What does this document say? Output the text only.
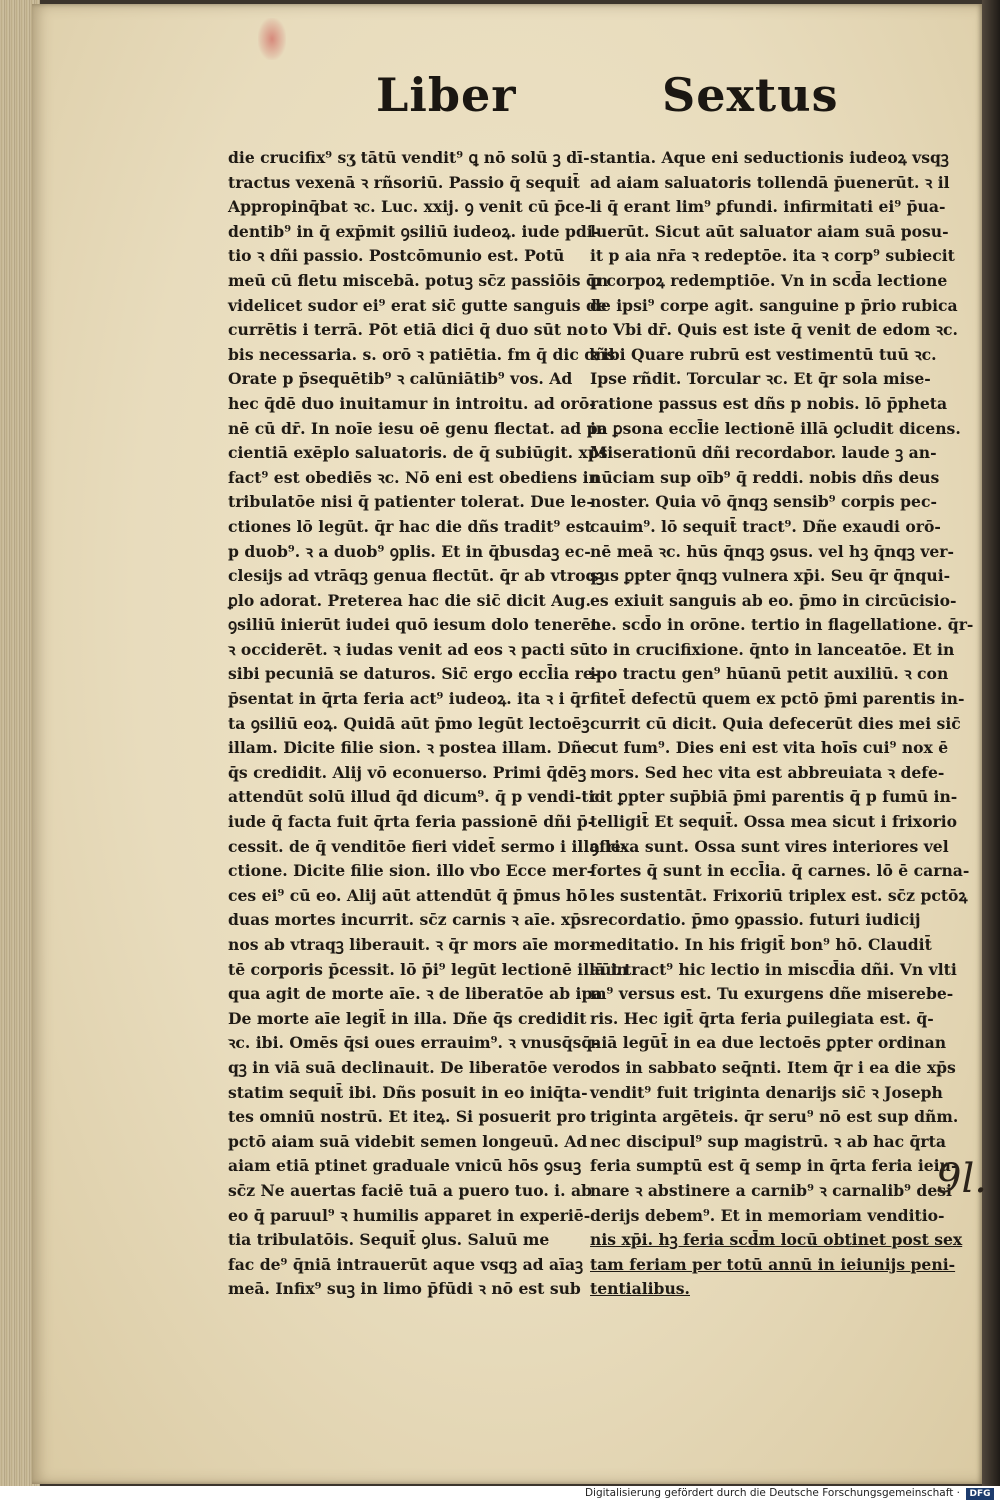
Liber	Sextus
die crucifix⁹ sʒ tātū vendit⁹ ꝗ nō solū ꝫ dī-
tractus vexenā ꝛ rñsoriū. Passio q̄ sequit̄
Appropinq̄bat ꝛc. Luc. xxij. ꝯ venit cū p̄ce-
dentib⁹ in q̄ exp̄mit ꝯsiliū iudeoꝝ. iude pdi-
tio ꝛ dñi passio. Postcōmunio est. Potū
meū cū fletu miscebā. potuꝫ sc̄z passiōis q̄n
videlicet sudor ei⁹ erat sic̄ gutte sanguis de
currētis i terrā. Pōt etiā dici q̄ duo sūt no
bis necessaria. s. orō ꝛ patiētia. fm q̄ dic dñs
Orate p p̄sequētib⁹ ꝛ calūniātib⁹ vos. Ad
hec q̄dē duo inuitamur in introitu. ad orō-
nē cū dr̄. In noīe iesu oē genu flectat. ad pa
cientiā exēplo saluatoris. de q̄ subiūgit. xp̄s
fact⁹ est obediēs ꝛc. Nō eni est obediens in
tribulatōe nisi q̄ patienter tolerat. Due le-
ctiones lō legūt. q̄r hac die dñs tradit⁹ est
p duob⁹. ꝛ a duob⁹ ꝯplis. Et in q̄busdaꝫ ec-
clesijs ad vtrāqꝫ genua flectūt. q̄r ab vtroqꝫ
ꝑlo adorat. Preterea hac die sic̄ dicit Aug.
ꝯsiliū inierūt iudei quō iesum dolo tenerēt
ꝛ occiderēt. ꝛ iudas venit ad eos ꝛ pacti sūt
sibi pecuniā se daturos. Sic̄ ergo eccl̄ia re-
p̄sentat in q̄rta feria act⁹ iudeoꝝ. ita ꝛ i q̄r
ta ꝯsiliū eoꝝ. Quidā aūt p̄mo legūt lectoēꝫ
illam. Dicite filie sion. ꝛ postea illam. Dñe
q̄s credidit. Alij vō econuerso. Primi q̄dēꝫ
attendūt solū illud q̄d dicum⁹. q̄ p vendi-tio
iude q̄ facta fuit q̄rta feria passionē dñi p̄-
cessit. de q̄ venditōe fieri videt̄ sermo i illa le-
ctione. Dicite filie sion. illo vbo Ecce mer-
ces ei⁹ cū eo. Alij aūt attendūt q̄ p̄mus hō
duas mortes incurrit. sc̄z carnis ꝛ aīe. xp̄s
nos ab vtraqꝫ liberauit. ꝛ q̄r mors aīe mor-
tē corporis p̄cessit. lō p̄i⁹ legūt lectionē illā in
qua agit de morte aīe. ꝛ de liberatōe ab ipa
De morte aīe legit̄ in illa. Dñe q̄s credidit
ꝛc. ibi. Omēs q̄si oues errauim⁹. ꝛ vnusq̄sq̄-
qꝫ in viā suā declinauit. De liberatōe vero
statim sequit̄ ibi. Dñs posuit in eo iniq̄ta-
tes omniū nostrū. Et iteꝝ. Si posuerit pro
pctō aiam suā videbit semen longeuū. Ad
aiam etiā ptinet graduale vnicū hōs ꝯsuꝫ
sc̄z Ne auertas faciē tuā a puero tuo. i. ab
eo q̄ paruul⁹ ꝛ humilis apparet in experiē-
tia tribulatōis. Sequit̄ ꝯlus. Saluū me
fac de⁹ q̄niā intrauerūt aque vsqꝫ ad aīaꝫ
meā. Infix⁹ suꝫ in limo p̄fūdi ꝛ nō est sub
stantia. Aque eni seductionis iudeoꝝ vsqꝫ
ad aiam saluatoris tollendā p̄uenerūt. ꝛ il
li q̄ erant lim⁹ ꝑfundi. infirmitati ei⁹ p̄ua-
luerūt. Sicut aūt saluator aiam suā posu-
it p aia nr̄a ꝛ redeptōe. ita ꝛ corp⁹ subiecit
p corpoꝝ redemptiōe. Vn in scd̄a lectione
de ipsi⁹ corpe agit. sanguine p p̄rio rubica
to Vbi dr̄. Quis est iste q̄ venit de edom ꝛc.
ꝛ ibi Quare rubrū est vestimentū tuū ꝛc.
Ipse rñdit. Torcular ꝛc. Et q̄r sola mise-
ratione passus est dñs p nobis. lō p̄pheta
in ꝑsona eccl̄ie lectionē illā ꝯcludit dicens.
Miserationū dñi recordabor. laude ꝫ an-
nūciam sup oīb⁹ q̄ reddi. nobis dñs deus
noster. Quia vō q̄nqꝫ sensib⁹ corpis pec-
cauim⁹. lō sequit̄ tract⁹. Dñe exaudi orō-
nē meā ꝛc. hūs q̄nqꝫ ꝯsus. vel hꝫ q̄nqꝫ ver-
sus ꝑpter q̄nqꝫ vulnera xp̄i. Seu q̄r q̄nqui-
es exiuit sanguis ab eo. p̄mo in circūcisio-
ne. scd̄o in orōne. tertio in flagellatione. q̄r-
to in crucifixione. q̄nto in lanceatōe. Et in
ipo tractu gen⁹ hūanū petit auxiliū. ꝛ con
fitet̄ defectū quem ex pctō p̄mi parentis in-
currit cū dicit. Quia defecerūt dies mei sic̄
cut fum⁹. Dies eni est vita hoīs cui⁹ nox ē
mors. Sed hec vita est abbreuiata ꝛ defe-
cit ꝑpter sup̄biā p̄mi parentis q̄ p fumū in-
telligit̄ Et sequit̄. Ossa mea sicut i frixorio
ꝯfrixa sunt. Ossa sunt vires interiores vel
fortes q̄ sunt in eccl̄ia. q̄ carnes. lō ē carna-
les sustentāt. Frixoriū triplex est. sc̄z pctōꝝ
recordatio. p̄mo ꝯpassio. futuri iudicij
meditatio. In his frigit̄ bon⁹ hō. Claudit̄
aūt tract⁹ hic lectio in miscd̄ia dñi. Vn vlti
m⁹ versus est. Tu exurgens dñe miserebe-
ris. Hec igit̄ q̄rta feria ꝑuilegiata est. q̄-
niā legūt̄ in ea due lectoēs ꝑpter ordinan
dos in sabbato seq̄nti. Item q̄r i ea die xp̄s
vendit⁹ fuit triginta denarijs sic̄ ꝛ Joseph
triginta argēteis. q̄r seru⁹ nō est sup dñm.
nec discipul⁹ sup magistrū. ꝛ ab hac q̄rta
feria sumptū est q̄ semp in q̄rta feria ieiu-
nare ꝛ abstinere a carnib⁹ ꝛ carnalib⁹ desi
derijs debem⁹. Et in memoriam venditio-
nis xp̄i. hꝫ feria scd̄m locū obtinet post sex
tam feriam per totū annū in ieiunijs peni-
tentialibus.
9l.
Digitalisierung gefördert durch die Deutsche Forschungsgemeinschaft ·	DFG
